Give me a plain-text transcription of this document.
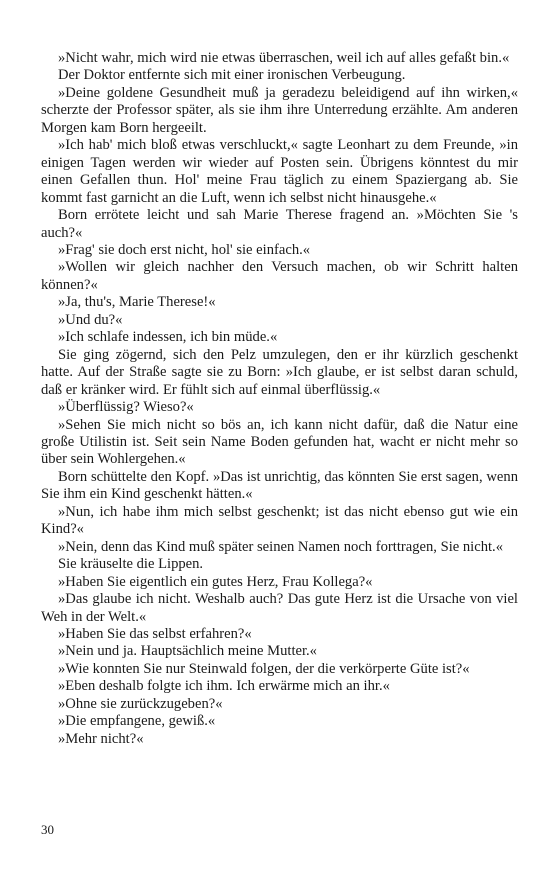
»Nicht wahr, mich wird nie etwas überraschen, weil ich auf alles gefaßt bin.«

Der Doktor entfernte sich mit einer ironischen Verbeugung.

»Deine goldene Gesundheit muß ja geradezu beleidigend auf ihn wirken,« scherzte der Professor später, als sie ihm ihre Unterredung erzählte. Am anderen Morgen kam Born hergeeilt.

»Ich hab' mich bloß etwas verschluckt,« sagte Leonhart zu dem Freunde, »in einigen Tagen werden wir wieder auf Posten sein. Übrigens könntest du mir einen Gefallen thun. Hol' meine Frau täglich zu einem Spaziergang ab. Sie kommt fast garnicht an die Luft, wenn ich selbst nicht hinausgehe.«

Born errötete leicht und sah Marie Therese fragend an. »Möchten Sie 's auch?«

»Frag' sie doch erst nicht, hol' sie einfach.«

»Wollen wir gleich nachher den Versuch machen, ob wir Schritt halten können?«

»Ja, thu's, Marie Therese!«

»Und du?«

»Ich schlafe indessen, ich bin müde.«

Sie ging zögernd, sich den Pelz umzulegen, den er ihr kürzlich geschenkt hatte. Auf der Straße sagte sie zu Born: »Ich glaube, er ist selbst daran schuld, daß er kränker wird. Er fühlt sich auf einmal überflüssig.«

»Überflüssig? Wieso?«

»Sehen Sie mich nicht so bös an, ich kann nicht dafür, daß die Natur eine große Utilistin ist. Seit sein Name Boden gefunden hat, wacht er nicht mehr so über sein Wohlergehen.«

Born schüttelte den Kopf. »Das ist unrichtig, das könnten Sie erst sagen, wenn Sie ihm ein Kind geschenkt hätten.«

»Nun, ich habe ihm mich selbst geschenkt; ist das nicht ebenso gut wie ein Kind?«

»Nein, denn das Kind muß später seinen Namen noch forttragen, Sie nicht.«

Sie kräuselte die Lippen.

»Haben Sie eigentlich ein gutes Herz, Frau Kollega?«

»Das glaube ich nicht. Weshalb auch? Das gute Herz ist die Ursache von viel Weh in der Welt.«

»Haben Sie das selbst erfahren?«

»Nein und ja. Hauptsächlich meine Mutter.«

»Wie konnten Sie nur Steinwald folgen, der die verkörperte Güte ist?«

»Eben deshalb folgte ich ihm. Ich erwärme mich an ihr.«

»Ohne sie zurückzugeben?«

»Die empfangene, gewiß.«

»Mehr nicht?«

30
